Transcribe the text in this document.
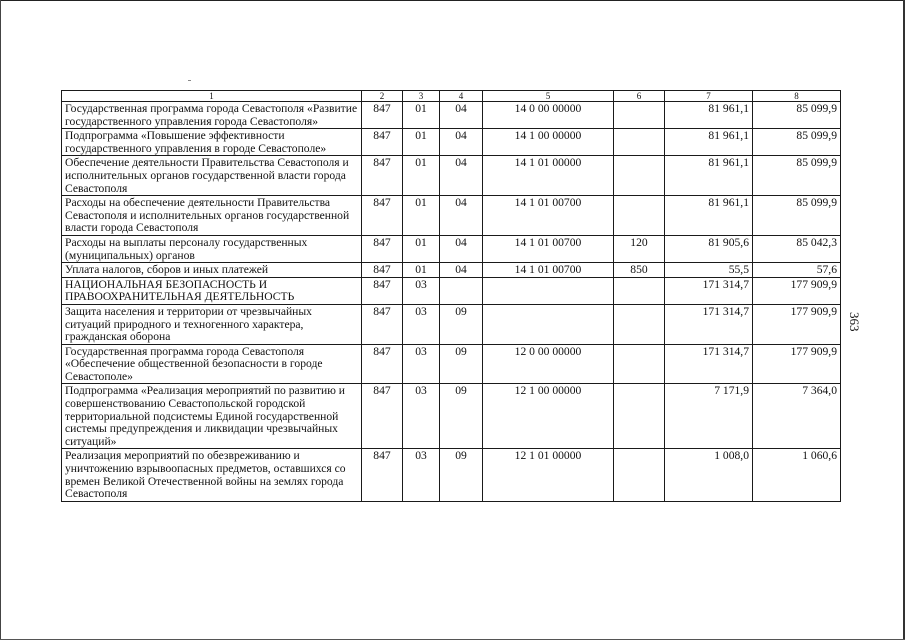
363
1	2	3	4	5	6	7	8
Государственная программа города Севастополя «Развитие государственного управления города Севастополя»	847	01	04	14 0 00 00000		81 961,1	85 099,9
Подпрограмма «Повышение эффективности государственного управления в городе Севастополе»	847	01	04	14 1 00 00000		81 961,1	85 099,9
Обеспечение деятельности Правительства Севастополя и исполнительных органов государственной власти города Севастополя	847	01	04	14 1 01 00000		81 961,1	85 099,9
Расходы на обеспечение деятельности Правительства Севастополя и исполнительных органов государственной власти города Севастополя	847	01	04	14 1 01 00700		81 961,1	85 099,9
Расходы на выплаты персоналу государственных (муниципальных) органов	847	01	04	14 1 01 00700	120	81 905,6	85 042,3
Уплата налогов, сборов и иных платежей	847	01	04	14 1 01 00700	850	55,5	57,6
НАЦИОНАЛЬНАЯ БЕЗОПАСНОСТЬ И ПРАВООХРАНИТЕЛЬНАЯ ДЕЯТЕЛЬНОСТЬ	847	03				171 314,7	177 909,9
Защита населения и территории от чрезвычайных ситуаций природного и техногенного характера, гражданская оборона	847	03	09			171 314,7	177 909,9
Государственная программа города Севастополя «Обеспечение общественной безопасности в городе Севастополе»	847	03	09	12 0 00 00000		171 314,7	177 909,9
Подпрограмма «Реализация мероприятий по развитию и совершенствованию Севастопольской городской территориальной подсистемы Единой государственной системы предупреждения и ликвидации чрезвычайных ситуаций»	847	03	09	12 1 00 00000		7 171,9	7 364,0
Реализация мероприятий по обезвреживанию и уничтожению взрывоопасных предметов, оставшихся со времен Великой Отечественной войны на землях города Севастополя	847	03	09	12 1 01 00000		1 008,0	1 060,6
